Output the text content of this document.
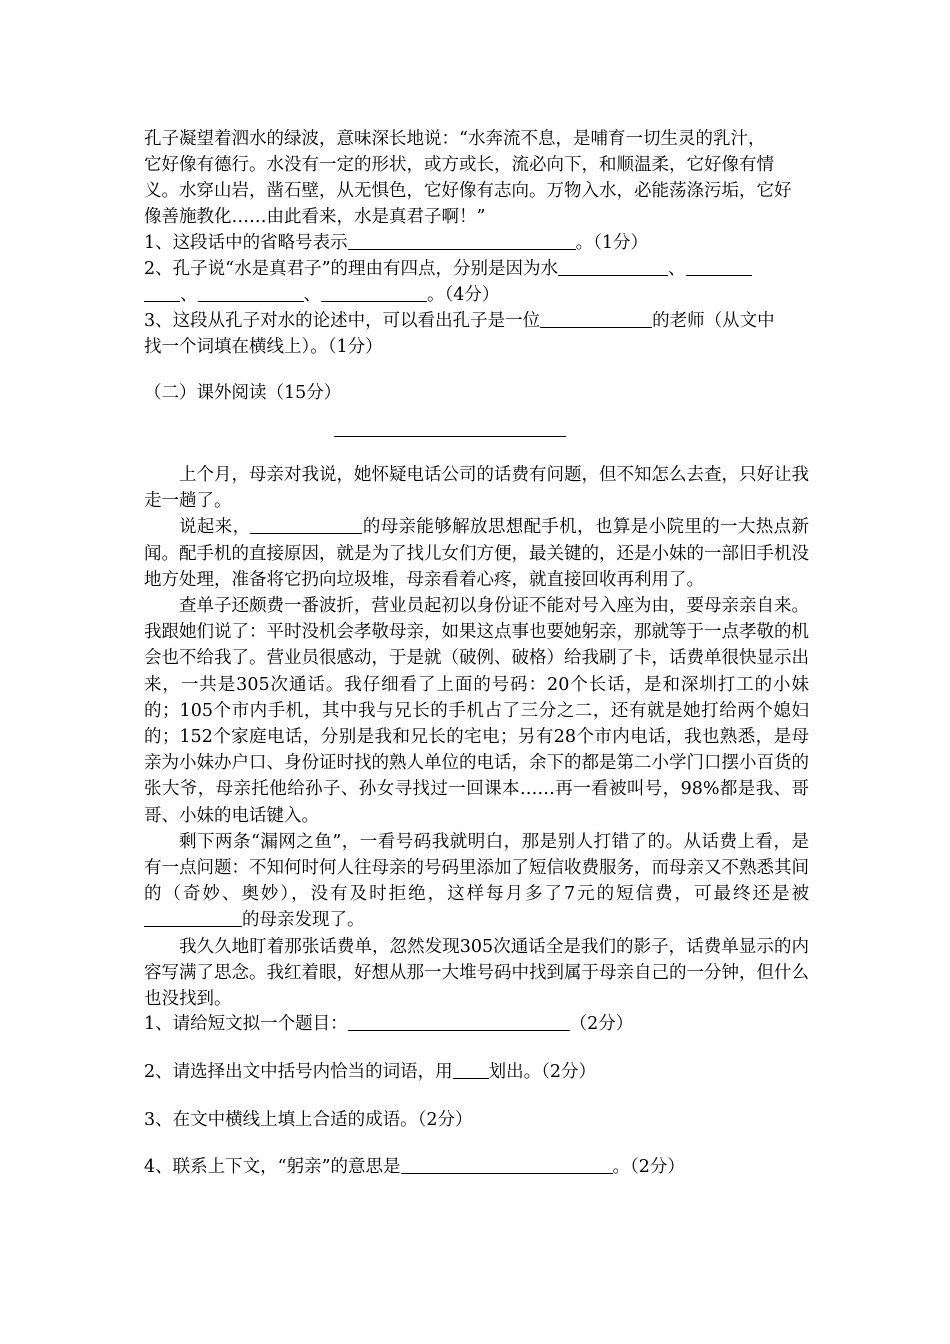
孔子凝望着泗水的绿波，意味深长地说：“水奔流不息，是哺育一切生灵的乳汁，
它好像有德行。水没有一定的形状，或方或长，流必向下，和顺温柔，它好像有情
义。水穿山岩，凿石壁，从无惧色，它好像有志向。万物入水，必能荡涤污垢，它好
像善施教化……由此看来，水是真君子啊！”
1、这段话中的省略号表示	。（1分）
2、孔子说“水是真君子”的理由有四点，分别是因为水	、
、	、	。（4分）
3、这段从孔子对水的论述中，可以看出孔子是一位	的老师（从文中
找一个词填在横线上）。（1分）
（二）课外阅读（15分）

上个月，母亲对我说，她怀疑电话公司的话费有问题，但不知怎么去查，只好让我走一趟了。

说起来，	的母亲能够解放思想配手机，也算是小院里的一大热点新闻。配手机的直接原因，就是为了找儿女们方便，最关键的，还是小妹的一部旧手机没地方处理，准备将它扔向垃圾堆，母亲看着心疼，就直接回收再利用了。

查单子还颇费一番波折，营业员起初以身份证不能对号入座为由，要母亲亲自来。我跟她们说了：平时没机会孝敬母亲，如果这点事也要她躬亲，那就等于一点孝敬的机会也不给我了。营业员很感动，于是就（破例、破格）给我刷了卡，话费单很快显示出来，一共是305次通话。我仔细看了上面的号码：20个长话，是和深圳打工的小妹的；105个市内手机，其中我与兄长的手机占了三分之二，还有就是她打给两个媳妇的；152个家庭电话，分别是我和兄长的宅电；另有28个市内电话，我也熟悉，是母亲为小妹办户口、身份证时找的熟人单位的电话，余下的都是第二小学门口摆小百货的张大爷，母亲托他给孙子、孙女寻找过一回课本……再一看被叫号，98%都是我、哥哥、小妹的电话键入。

剩下两条“漏网之鱼”，一看号码我就明白，那是别人打错了的。从话费上看，是有一点问题：不知何时何人往母亲的号码里添加了短信收费服务，而母亲又不熟悉其间的（奇妙、奥妙），没有及时拒绝，这样每月多了7元的短信费，可最终还是被的母亲发现了。

我久久地盯着那张话费单，忽然发现305次通话全是我们的影子，话费单显示的内容写满了思念。我红着眼，好想从那一大堆号码中找到属于母亲自己的一分钟，但什么也没找到。

1、请给短文拟一个题目：	（2分）
2、请选择出文中括号内恰当的词语，用 划出。（2分）
3、在文中横线上填上合适的成语。（2分）
4、联系上下文，“躬亲”的意思是	。（2分）
